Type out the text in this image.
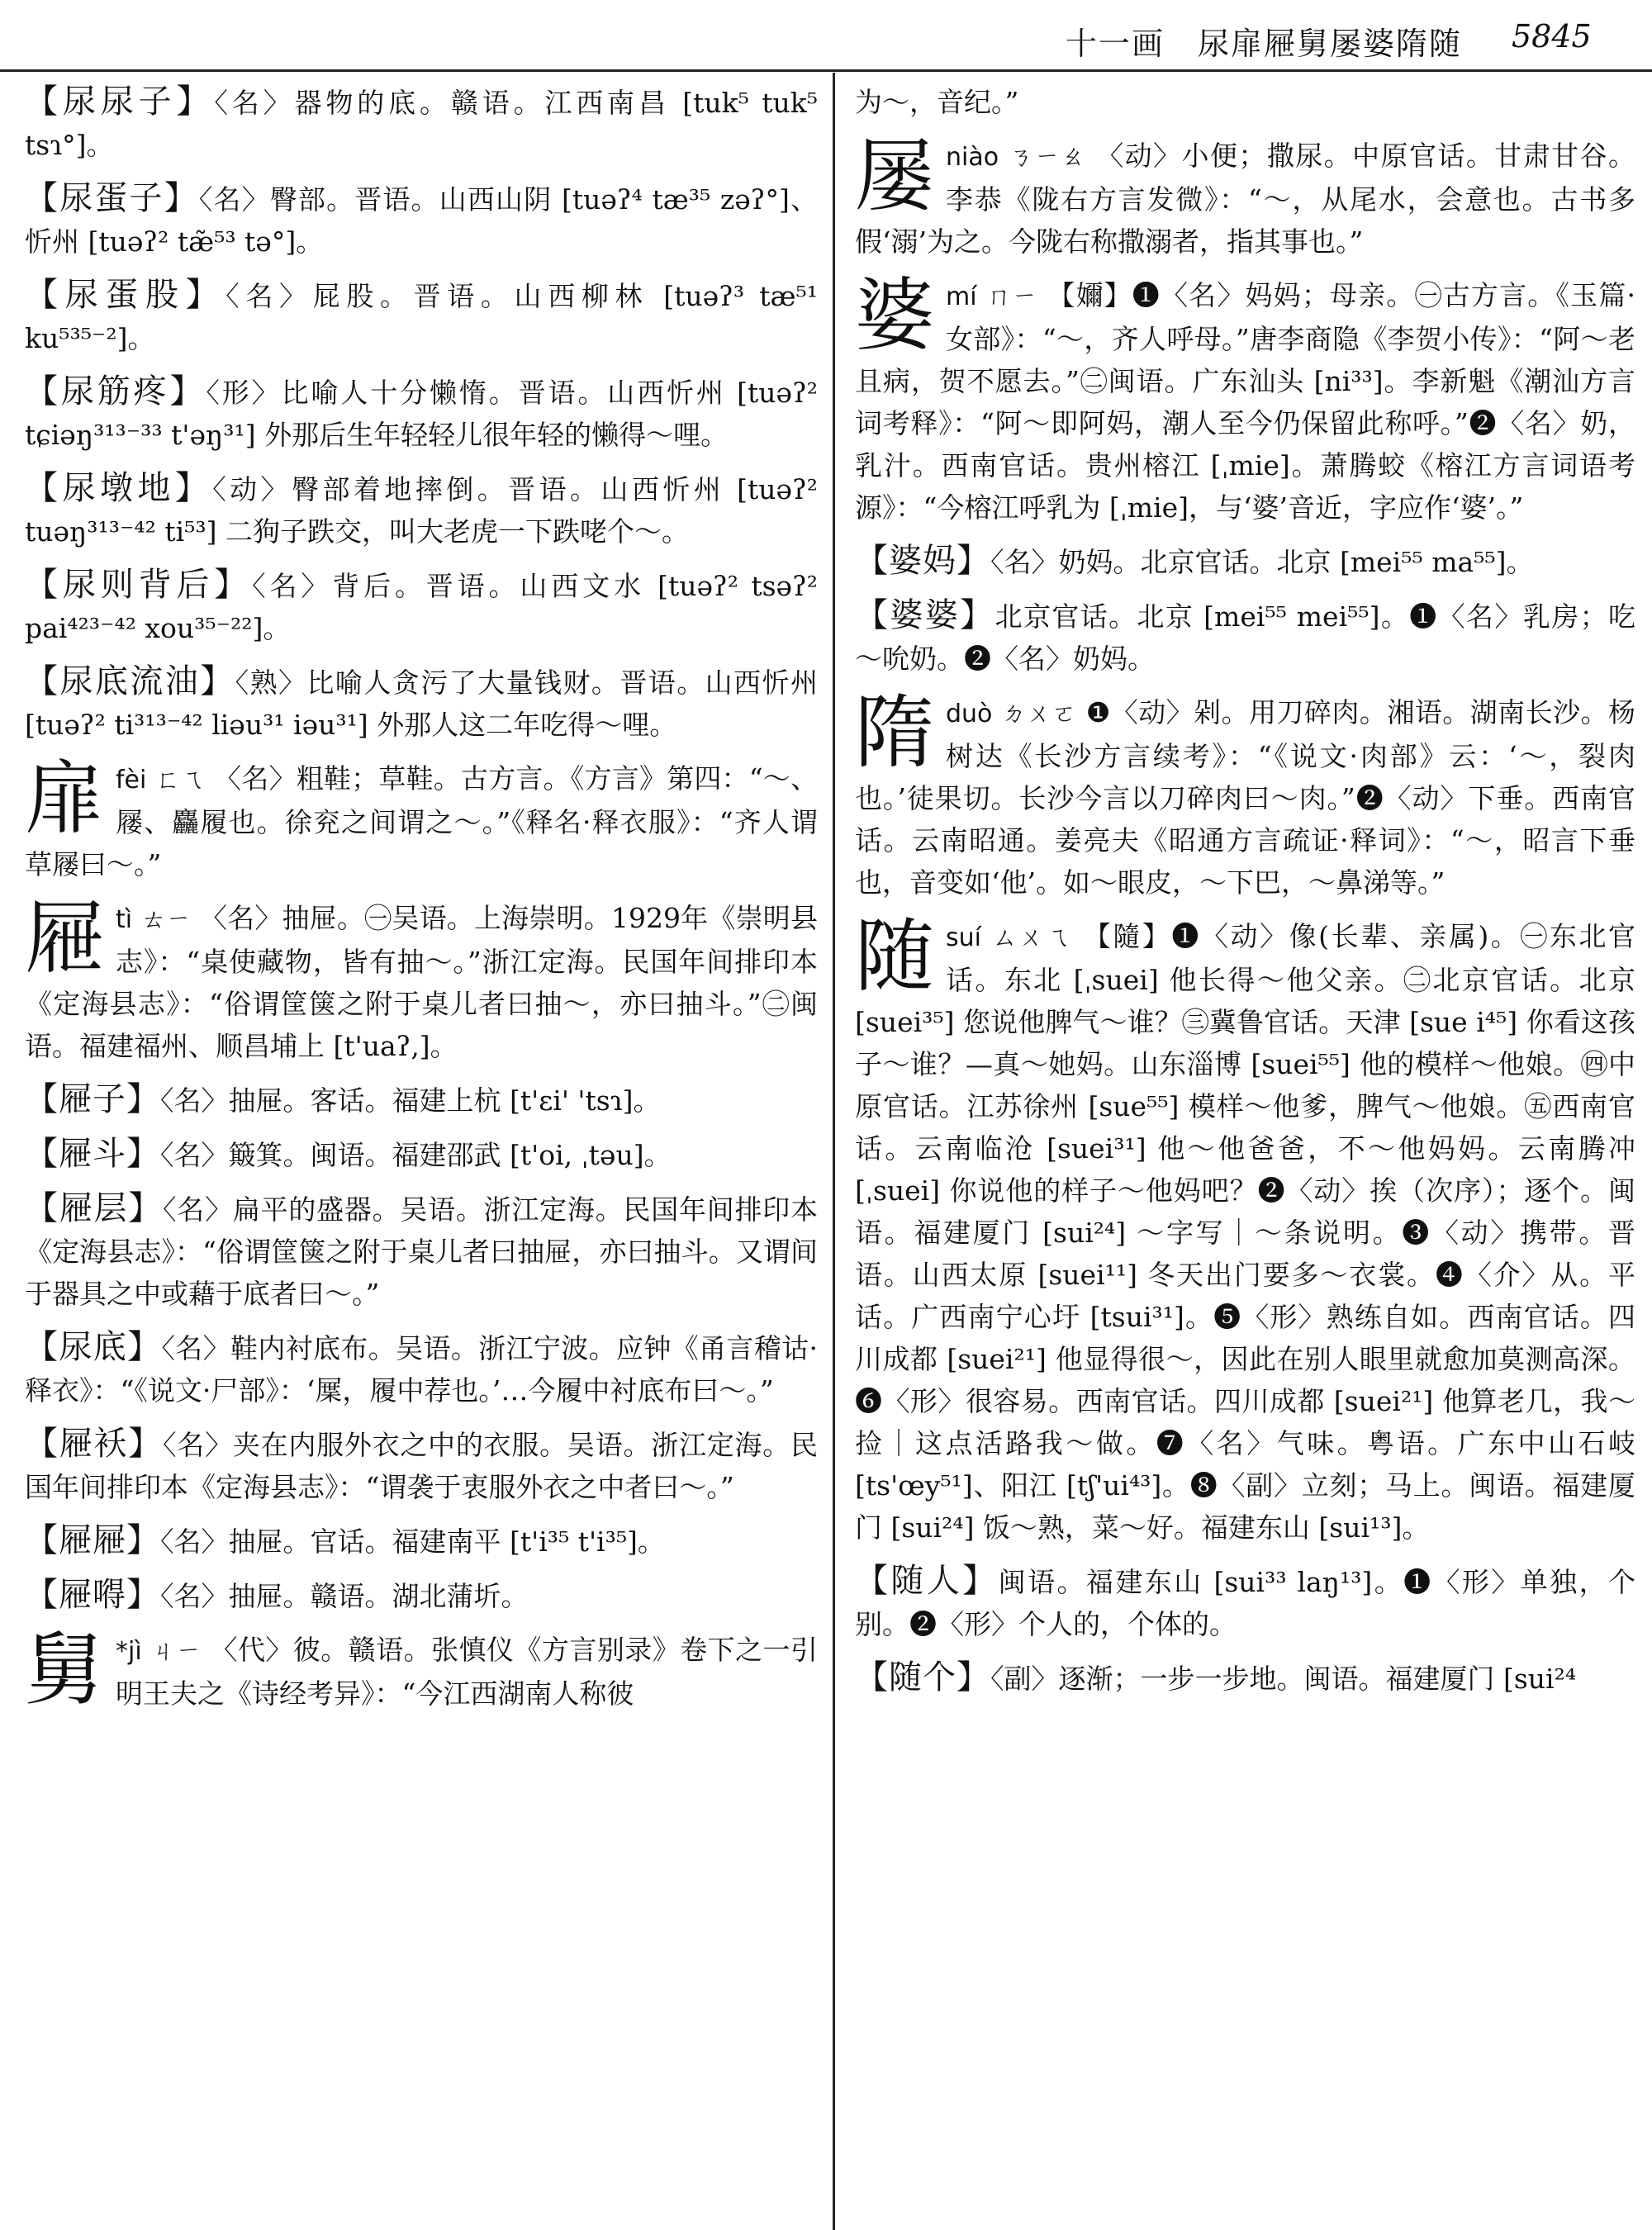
十一画　尿扉屜舅屡婆隋随 5845
【尿尿子】〈名〉器物的底。赣语。江西南昌 [tuk⁵ tuk⁵ tsɿ°]。
【尿蛋子】〈名〉臀部。晋语。山西山阴 [tuəʔ⁴ tæ³⁵ zəʔ°]、忻州 [tuəʔ² tæ̃⁵³ tə°]。
【尿蛋股】〈名〉屁股。晋语。山西柳林 [tuəʔ³ tæ⁵¹ ku⁵³⁵⁻²]。
【尿筋疼】〈形〉比喻人十分懒惰。晋语。山西忻州 [tuəʔ² tɕiəŋ³¹³⁻³³ t'əŋ³¹] 外那后生年轻轻儿很年轻的懒得～哩。
【尿墩地】〈动〉臀部着地摔倒。晋语。山西忻州 [tuəʔ² tuəŋ³¹³⁻⁴² ti⁵³] 二狗子跌交，叫大老虎一下跌咾个～。
【尿则背后】〈名〉背后。晋语。山西文水 [tuəʔ² tsəʔ² pai⁴²³⁻⁴² xou³⁵⁻²²]。
【尿底流油】〈熟〉比喻人贪污了大量钱财。晋语。山西忻州 [tuəʔ² ti³¹³⁻⁴² liəu³¹ iəu³¹] 外那人这二年吃得～哩。
扉fèi ㄈㄟ 〈名〉粗鞋；草鞋。古方言。《方言》第四：“～、屦、麤履也。徐兖之间谓之～。”《释名·释衣服》：“齐人谓草屦曰～。”
屜tì ㄊㄧ 〈名〉抽屉。㊀吴语。上海崇明。1929年《崇明县志》：“桌使藏物，皆有抽～。”浙江定海。民国年间排印本《定海县志》：“俗谓筐箧之附于桌儿者曰抽～，亦曰抽斗。”㊁闽语。福建福州、顺昌埔上 [t'uaʔ,]。
【屜子】〈名〉抽屉。客话。福建上杭 [t'ɛi' 'tsɿ]。
【屜斗】〈名〉簸箕。闽语。福建邵武 [t'oi, ˌtəu]。
【屜层】〈名〉扁平的盛器。吴语。浙江定海。民国年间排印本《定海县志》：“俗谓筐箧之附于桌儿者曰抽屉，亦曰抽斗。又谓间于器具之中或藉于底者曰～。”
【尿底】〈名〉鞋内衬底布。吴语。浙江宁波。应钟《甬言稽诂·释衣》：“《说文·尸部》：‘屟，履中荐也。’…今履中衬底布曰～。”
【屜袄】〈名〉夹在内服外衣之中的衣服。吴语。浙江定海。民国年间排印本《定海县志》：“谓袭于衷服外衣之中者曰～。”
【屜屜】〈名〉抽屉。官话。福建南平 [t'i³⁵ t'i³⁵]。
【屜嘚】〈名〉抽屉。赣语。湖北蒲圻。
舅 *jì ㄐㄧ 〈代〉彼。赣语。张慎仪《方言别录》卷下之一引明王夫之《诗经考异》：“今江西湖南人称彼
为～，音纪。”
屡niào ㄋㄧㄠ 〈动〉小便；撒尿。中原官话。甘肃甘谷。李恭《陇右方言发微》：“～，从尾水，会意也。古书多假‘溺’为之。今陇右称撒溺者，指其事也。”
婆mí ㄇㄧ 【嬭】❶〈名〉妈妈；母亲。㊀古方言。《玉篇·女部》：“～，齐人呼母。”唐李商隐《李贺小传》：“阿～老且病，贺不愿去。”㊁闽语。广东汕头 [ni³³]。李新魁《潮汕方言词考释》：“阿～即阿妈，潮人至今仍保留此称呼。”❷〈名〉奶，乳汁。西南官话。贵州榕江 [ˌmie]。萧腾蛟《榕江方言词语考源》：“今榕江呼乳为 [ˌmie]，与‘婆’音近，字应作‘婆’。”
【婆妈】〈名〉奶妈。北京官话。北京 [mei⁵⁵ ma⁵⁵]。
【婆婆】北京官话。北京 [mei⁵⁵ mei⁵⁵]。❶〈名〉乳房；吃～吮奶。❷〈名〉奶妈。
隋duò ㄉㄨㄛ ❶〈动〉剁。用刀碎肉。湘语。湖南长沙。杨树达《长沙方言续考》：“《说文·肉部》云：‘～，裂肉也。’徒果切。长沙今言以刀碎肉曰～肉。”❷〈动〉下垂。西南官话。云南昭通。姜亮夫《昭通方言疏证·释词》：“～，昭言下垂也，音变如‘他’。如～眼皮，～下巴，～鼻涕等。”
随suí ㄙㄨㄟ 【隨】❶〈动〉像(长辈、亲属)。㊀东北官话。东北 [ˌsuei] 他长得～他父亲。㊁北京官话。北京 [suei³⁵] 您说他脾气～谁？㊂冀鲁官话。天津 [sue i⁴⁵] 你看这孩子～谁？—真～她妈。山东淄博 [suei⁵⁵] 他的模样～他娘。㊃中原官话。江苏徐州 [sue⁵⁵] 模样～他爹，脾气～他娘。㊄西南官话。云南临沧 [suei³¹] 他～他爸爸，不～他妈妈。云南腾冲 [ˌsuei] 你说他的样子～他妈吧？❷〈动〉挨（次序）；逐个。闽语。福建厦门 [sui²⁴] ～字写｜～条说明。❸〈动〉携带。晋语。山西太原 [suei¹¹] 冬天出门要多～衣裳。❹〈介〉从。平话。广西南宁心圩 [tsui³¹]。❺〈形〉熟练自如。西南官话。四川成都 [suei²¹] 他显得很～，因此在别人眼里就愈加莫测高深。❻〈形〉很容易。西南官话。四川成都 [suei²¹] 他算老几，我～捡｜这点活路我～做。❼〈名〉气味。粤语。广东中山石岐 [ts'œy⁵¹]、阳江 [tʃ'ui⁴³]。❽〈副〉立刻；马上。闽语。福建厦门 [sui²⁴] 饭～熟，菜～好。福建东山 [sui¹³]。
【随人】闽语。福建东山 [sui³³ laŋ¹³]。❶〈形〉单独，个别。❷〈形〉个人的，个体的。
【随个】〈副〉逐渐；一步一步地。闽语。福建厦门 [sui²⁴
